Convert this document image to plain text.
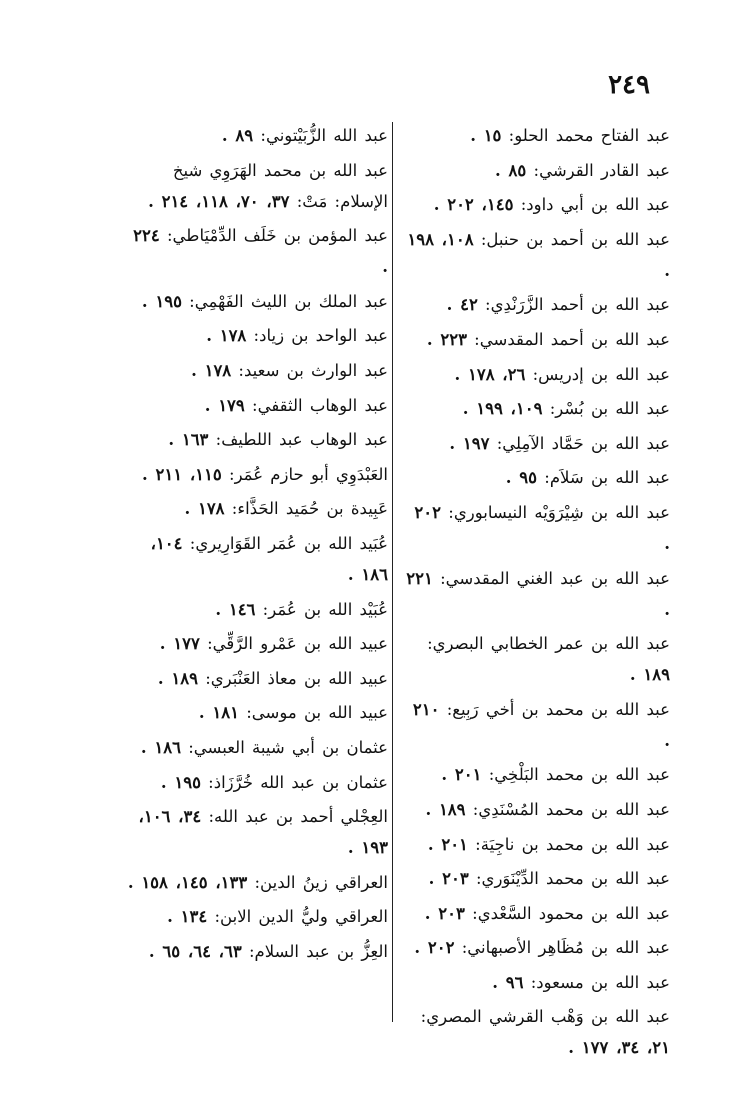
٢٤٩
عبد الفتاح محمد الحلو: ١٥ .
عبد القادر القرشي: ٨٥ .
عبد الله بن أبي داود: ١٤٥، ٢٠٢ .
عبد الله بن أحمد بن حنبل: ١٠٨، ١٩٨ .
عبد الله بن أحمد الزَّرَنْدِي: ٤٢ .
عبد الله بن أحمد المقدسي: ٢٢٣ .
عبد الله بن إدريس: ٢٦، ١٧٨ .
عبد الله بن بُسْر: ١٠٩، ١٩٩ .
عبد الله بن حَمَّاد الآمِلِي: ١٩٧ .
عبد الله بن سَلاَم: ٩٥ .
عبد الله بن شِيْرَوَيْه النيسابوري: ٢٠٢ .
عبد الله بن عبد الغني المقدسي: ٢٢١ .
عبد الله بن عمر الخطابي البصري: ١٨٩ .
عبد الله بن محمد بن أخي رَبِيع: ٢١٠ .
عبد الله بن محمد البَلْخِي: ٢٠١ .
عبد الله بن محمد المُسْنَدِي: ١٨٩ .
عبد الله بن محمد بن ناجِيَة: ٢٠١ .
عبد الله بن محمد الدِّيْنَوَري: ٢٠٣ .
عبد الله بن محمود السَّعْدي: ٢٠٣ .
عبد الله بن مُظَاهِر الأصبهاني: ٢٠٢ .
عبد الله بن مسعود: ٩٦ .
عبد الله بن وَهْب القرشي المصري: ٢١، ٣٤، ١٧٧ .
عبد الله الزُّبَيْتوني: ٨٩ .
عبد الله بن محمد الهَرَوِي شيخ الإسلام: مَتْ: ٣٧، ٧٠، ١١٨، ٢١٤ .
عبد المؤمن بن خَلَف الدِّمْيَاطي: ٢٢٤ .
عبد الملك بن الليث الفَهْمِي: ١٩٥ .
عبد الواحد بن زياد: ١٧٨ .
عبد الوارث بن سعيد: ١٧٨ .
عبد الوهاب الثقفي: ١٧٩ .
عبد الوهاب عبد اللطيف: ١٦٣ .
العَبْدَوِي أبو حازم عُمَر: ١١٥، ٢١١ .
عَبِيدة بن حُمَيد الحَذَّاء: ١٧٨ .
عُبَيد الله بن عُمَر القَوَارِيري: ١٠٤، ١٨٦ .
عُبَيْد الله بن عُمَر: ١٤٦ .
عبيد الله بن عَمْرو الرَّقِّي: ١٧٧ .
عبيد الله بن معاذ العَنْبَري: ١٨٩ .
عبيد الله بن موسى: ١٨١ .
عثمان بن أبي شيبة العبسي: ١٨٦ .
عثمان بن عبد الله خُرَّزَاذ: ١٩٥ .
العِجْلي أحمد بن عبد الله: ٣٤، ١٠٦، ١٩٣ .
العراقي زينُ الدين: ١٣٣، ١٤٥، ١٥٨ .
العراقي وليُّ الدين الابن: ١٣٤ .
العِزُّ بن عبد السلام: ٦٣، ٦٤، ٦٥ .
